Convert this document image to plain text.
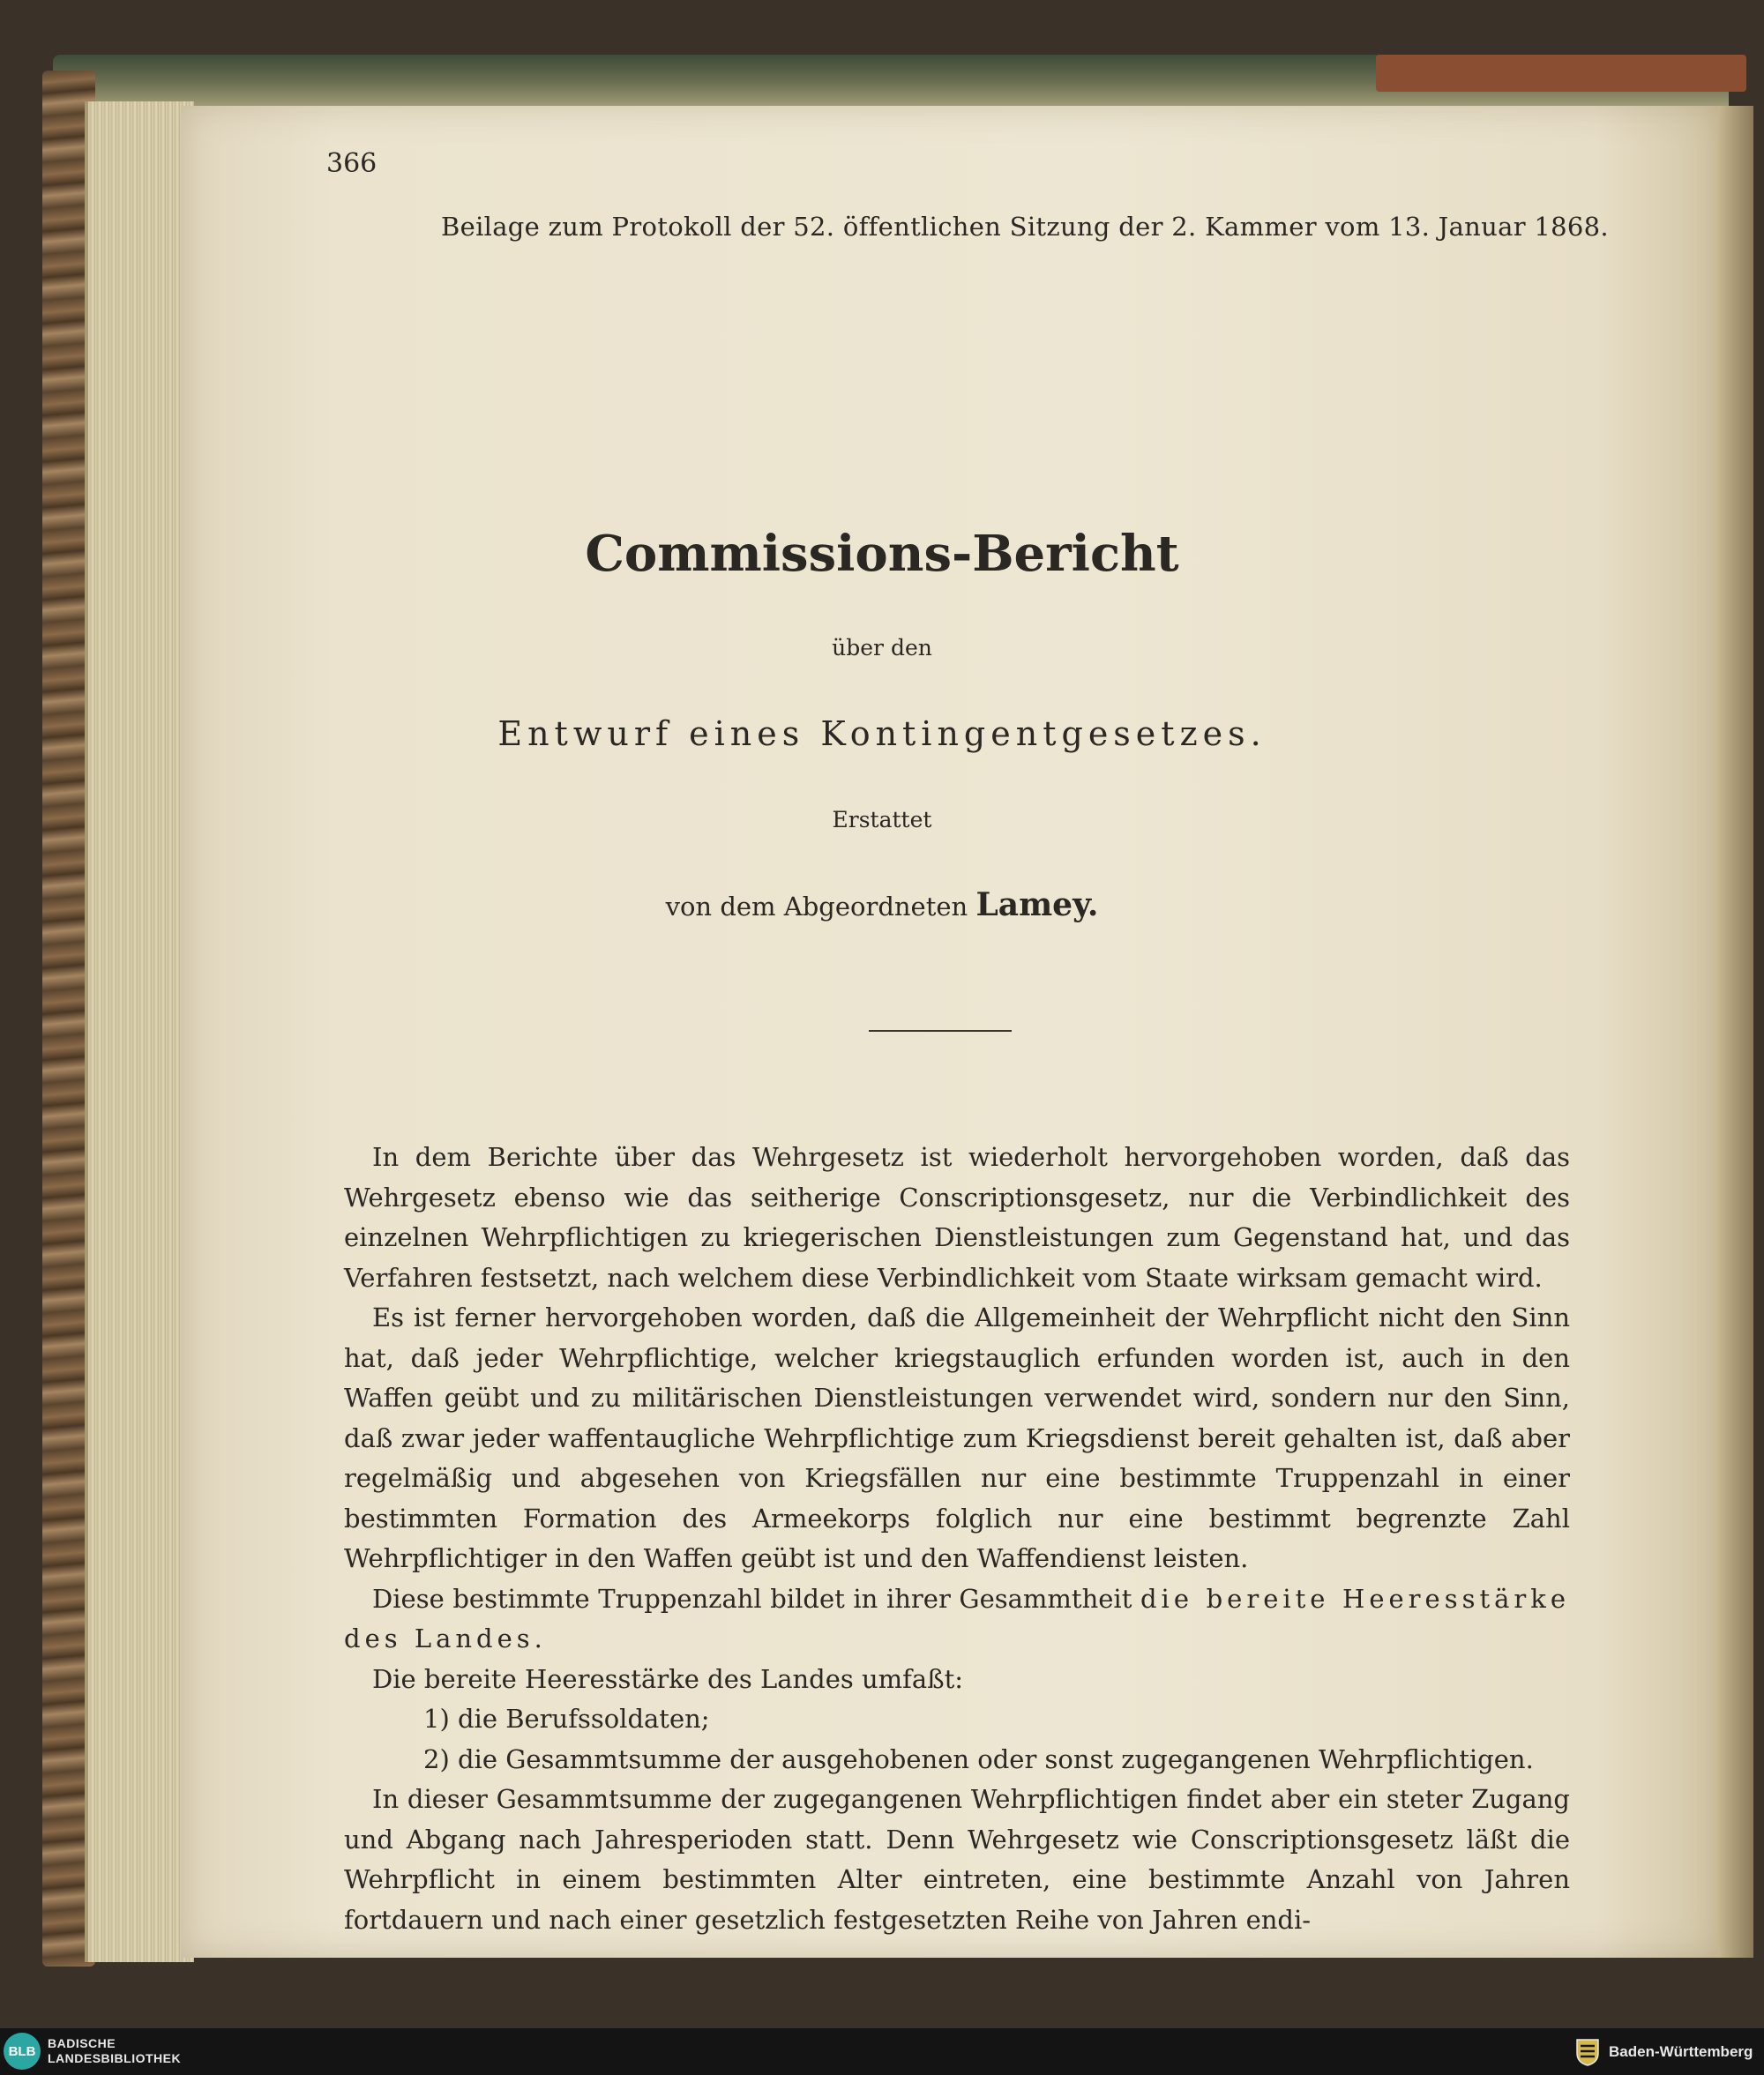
366
Beilage zum Protokoll der 52. öffentlichen Sitzung der 2. Kammer vom 13. Januar 1868.
Commissions-Bericht
über den
Entwurf eines Kontingentgesetzes.
Erstattet
von dem Abgeordneten Lamey.

In dem Berichte über das Wehrgesetz ist wiederholt hervorgehoben worden, daß das Wehrgesetz ebenso wie das seitherige Conscriptionsgesetz, nur die Verbindlichkeit des einzelnen Wehrpflichtigen zu kriegerischen Dienstleistungen zum Gegenstand hat, und das Verfahren festsetzt, nach welchem diese Verbindlichkeit vom Staate wirksam gemacht wird.

Es ist ferner hervorgehoben worden, daß die Allgemeinheit der Wehrpflicht nicht den Sinn hat, daß jeder Wehrpflichtige, welcher kriegstauglich erfunden worden ist, auch in den Waffen geübt und zu militärischen Dienstleistungen verwendet wird, sondern nur den Sinn, daß zwar jeder waffentaugliche Wehrpflichtige zum Kriegsdienst bereit gehalten ist, daß aber regelmäßig und abgesehen von Kriegsfällen nur eine bestimmte Truppenzahl in einer bestimmten Formation des Armeekorps folglich nur eine bestimmt begrenzte Zahl Wehrpflichtiger in den Waffen geübt ist und den Waffendienst leisten.

Diese bestimmte Truppenzahl bildet in ihrer Gesammtheit die bereite Heeresstärke des Landes.

Die bereite Heeresstärke des Landes umfaßt:

1) die Berufssoldaten;

2) die Gesammtsumme der ausgehobenen oder sonst zugegangenen Wehrpflichtigen.

In dieser Gesammtsumme der zugegangenen Wehrpflichtigen findet aber ein steter Zugang und Abgang nach Jahresperioden statt. Denn Wehrgesetz wie Conscriptionsgesetz läßt die Wehrpflicht in einem bestimmten Alter eintreten, eine bestimmte Anzahl von Jahren fortdauern und nach einer gesetzlich festgesetzten Reihe von Jahren endi-

BLB
BADISCHE
LANDESBIBLIOTHEK	Baden-Württemberg
